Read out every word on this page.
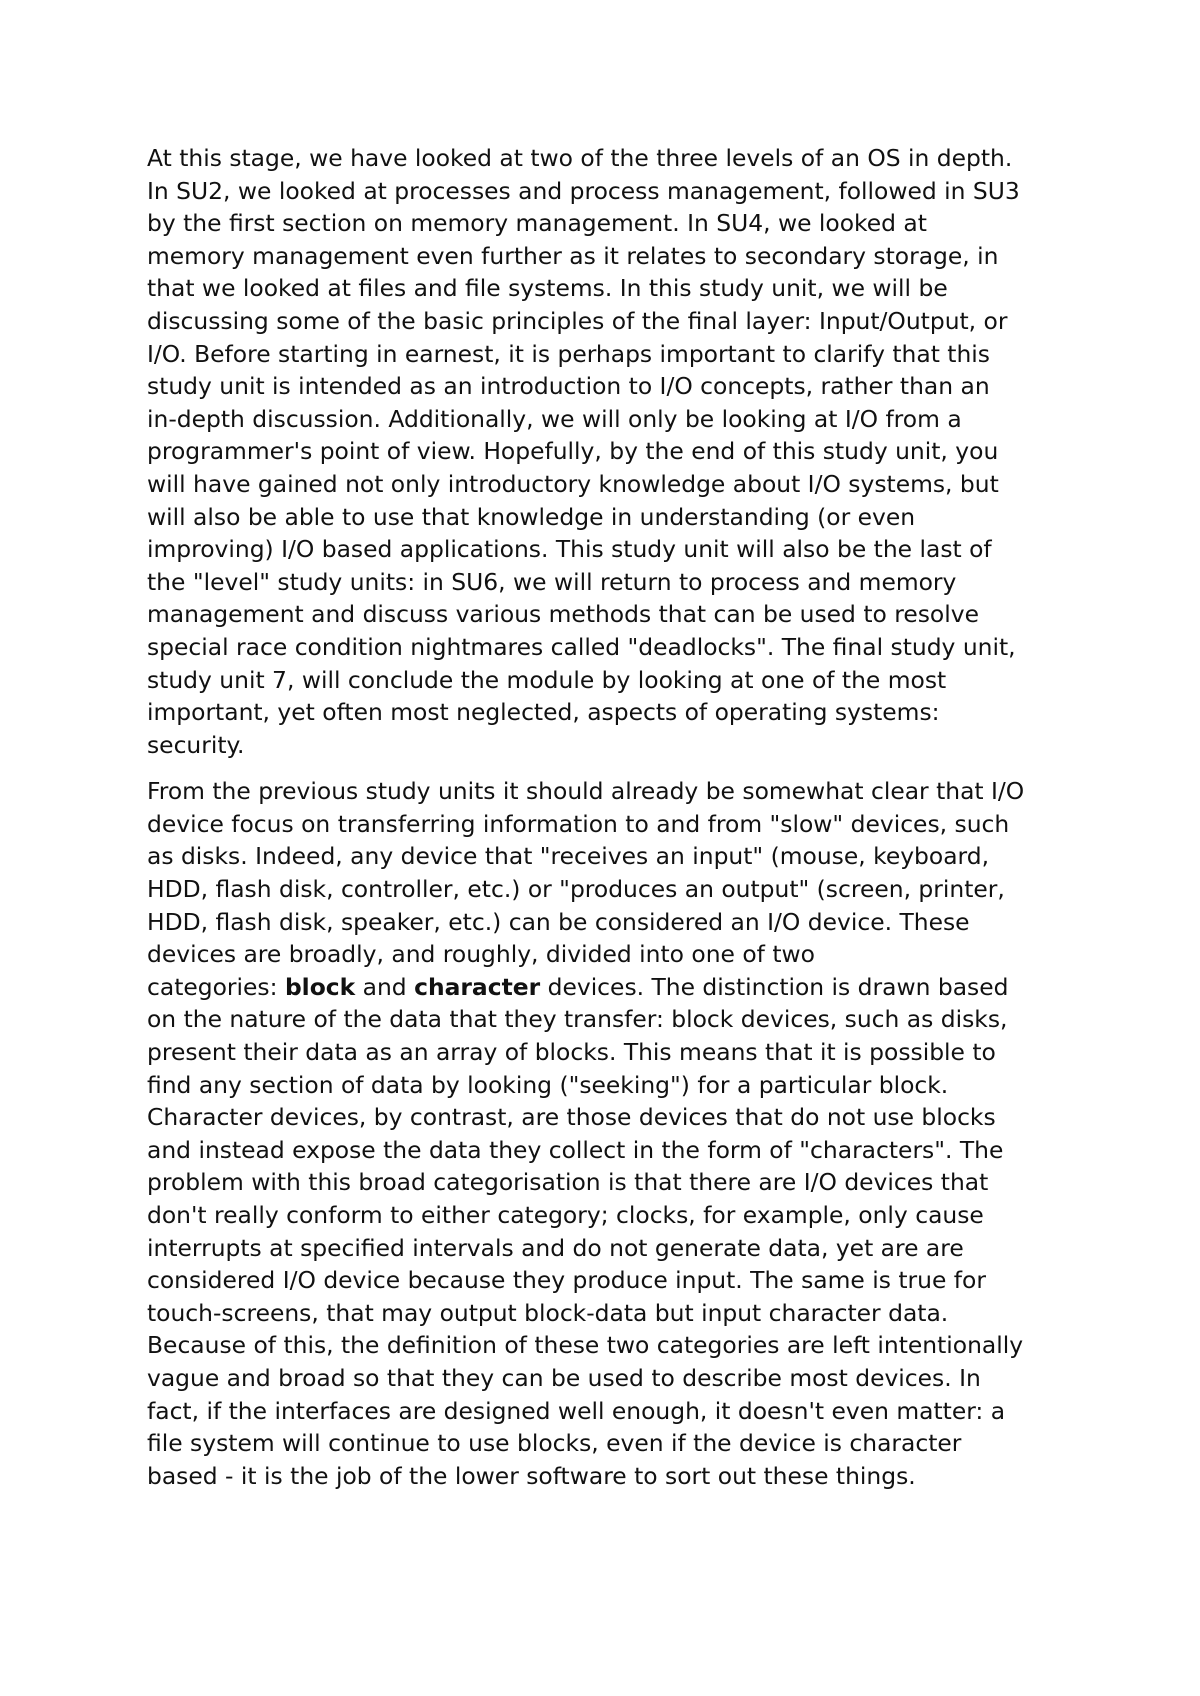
At this stage, we have looked at two of the three levels of an OS in depth.
In SU2, we looked at processes and process management, followed in SU3
by the first section on memory management. In SU4, we looked at
memory management even further as it relates to secondary storage, in
that we looked at files and file systems. In this study unit, we will be
discussing some of the basic principles of the final layer: Input/Output, or
I/O. Before starting in earnest, it is perhaps important to clarify that this
study unit is intended as an introduction to I/O concepts, rather than an
in-depth discussion. Additionally, we will only be looking at I/O from a
programmer's point of view. Hopefully, by the end of this study unit, you
will have gained not only introductory knowledge about I/O systems, but
will also be able to use that knowledge in understanding (or even
improving) I/O based applications. This study unit will also be the last of
the "level" study units: in SU6, we will return to process and memory
management and discuss various methods that can be used to resolve
special race condition nightmares called "deadlocks". The final study unit,
study unit 7, will conclude the module by looking at one of the most
important, yet often most neglected, aspects of operating systems:
security.

From the previous study units it should already be somewhat clear that I/O
device focus on transferring information to and from "slow" devices, such
as disks. Indeed, any device that "receives an input" (mouse, keyboard,
HDD, flash disk, controller, etc.) or "produces an output" (screen, printer,
HDD, flash disk, speaker, etc.) can be considered an I/O device. These
devices are broadly, and roughly, divided into one of two
categories: block and character devices. The distinction is drawn based
on the nature of the data that they transfer: block devices, such as disks,
present their data as an array of blocks. This means that it is possible to
find any section of data by looking ("seeking") for a particular block.
Character devices, by contrast, are those devices that do not use blocks
and instead expose the data they collect in the form of "characters". The
problem with this broad categorisation is that there are I/O devices that
don't really conform to either category; clocks, for example, only cause
interrupts at specified intervals and do not generate data, yet are are
considered I/O device because they produce input. The same is true for
touch-screens, that may output block-data but input character data.
Because of this, the definition of these two categories are left intentionally
vague and broad so that they can be used to describe most devices. In
fact, if the interfaces are designed well enough, it doesn't even matter: a
file system will continue to use blocks, even if the device is character
based - it is the job of the lower software to sort out these things.
